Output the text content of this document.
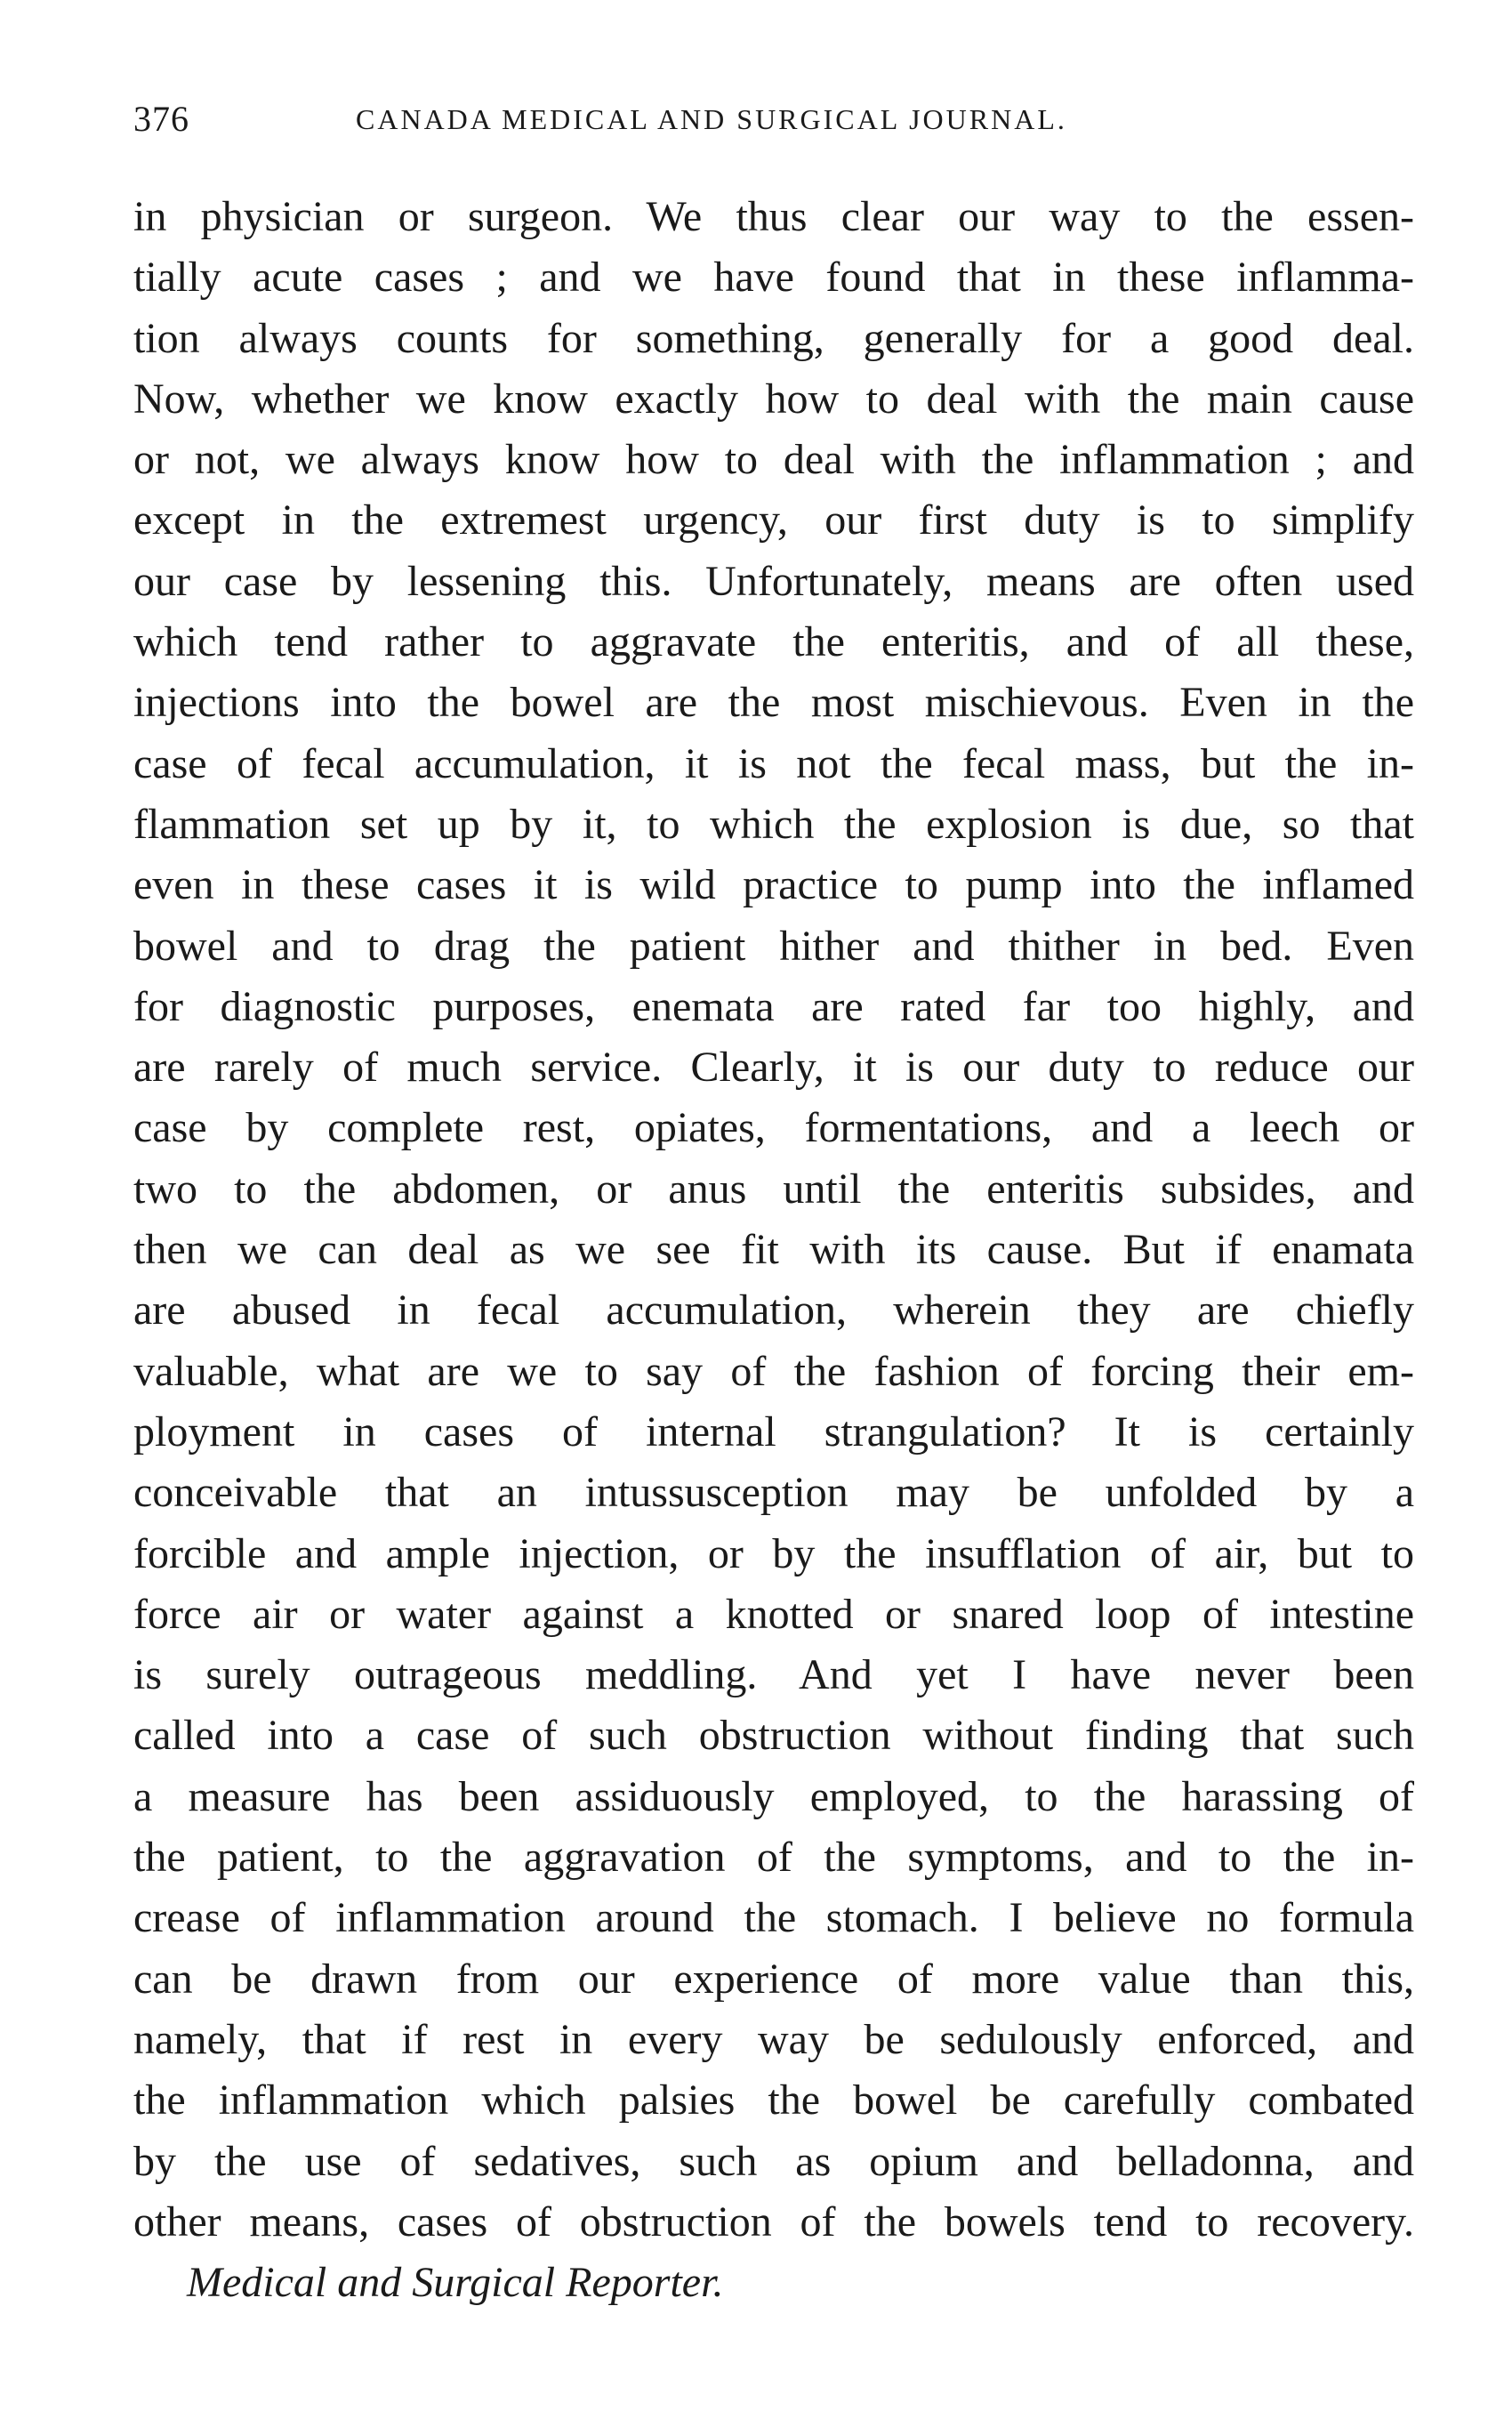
376	CANADA MEDICAL AND SURGICAL JOURNAL.
in physician or surgeon. We thus clear our way to the essen-
tially acute cases ; and we have found that in these inflamma-
tion always counts for something, generally for a good deal.
Now, whether we know exactly how to deal with the main cause
or not, we always know how to deal with the inflammation ; and
except in the extremest urgency, our first duty is to simplify
our case by lessening this. Unfortunately, means are often used
which tend rather to aggravate the enteritis, and of all these,
injections into the bowel are the most mischievous. Even in the
case of fecal accumulation, it is not the fecal mass, but the in-
flammation set up by it, to which the explosion is due, so that
even in these cases it is wild practice to pump into the inflamed
bowel and to drag the patient hither and thither in bed. Even
for diagnostic purposes, enemata are rated far too highly, and
are rarely of much service. Clearly, it is our duty to reduce our
case by complete rest, opiates, formentations, and a leech or
two to the abdomen, or anus until the enteritis subsides, and
then we can deal as we see fit with its cause. But if enamata
are abused in fecal accumulation, wherein they are chiefly
valuable, what are we to say of the fashion of forcing their em-
ployment in cases of internal strangulation? It is certainly
conceivable that an intussusception may be unfolded by a
forcible and ample injection, or by the insufflation of air, but to
force air or water against a knotted or snared loop of intestine
is surely outrageous meddling. And yet I have never been
called into a case of such obstruction without finding that such
a measure has been assiduously employed, to the harassing of
the patient, to the aggravation of the symptoms, and to the in-
crease of inflammation around the stomach. I believe no formula
can be drawn from our experience of more value than this,
namely, that if rest in every way be sedulously enforced, and
the inflammation which palsies the bowel be carefully combated
by the use of sedatives, such as opium and belladonna, and
other means, cases of obstruction of the bowels tend to recovery.
Medical and Surgical Reporter.
